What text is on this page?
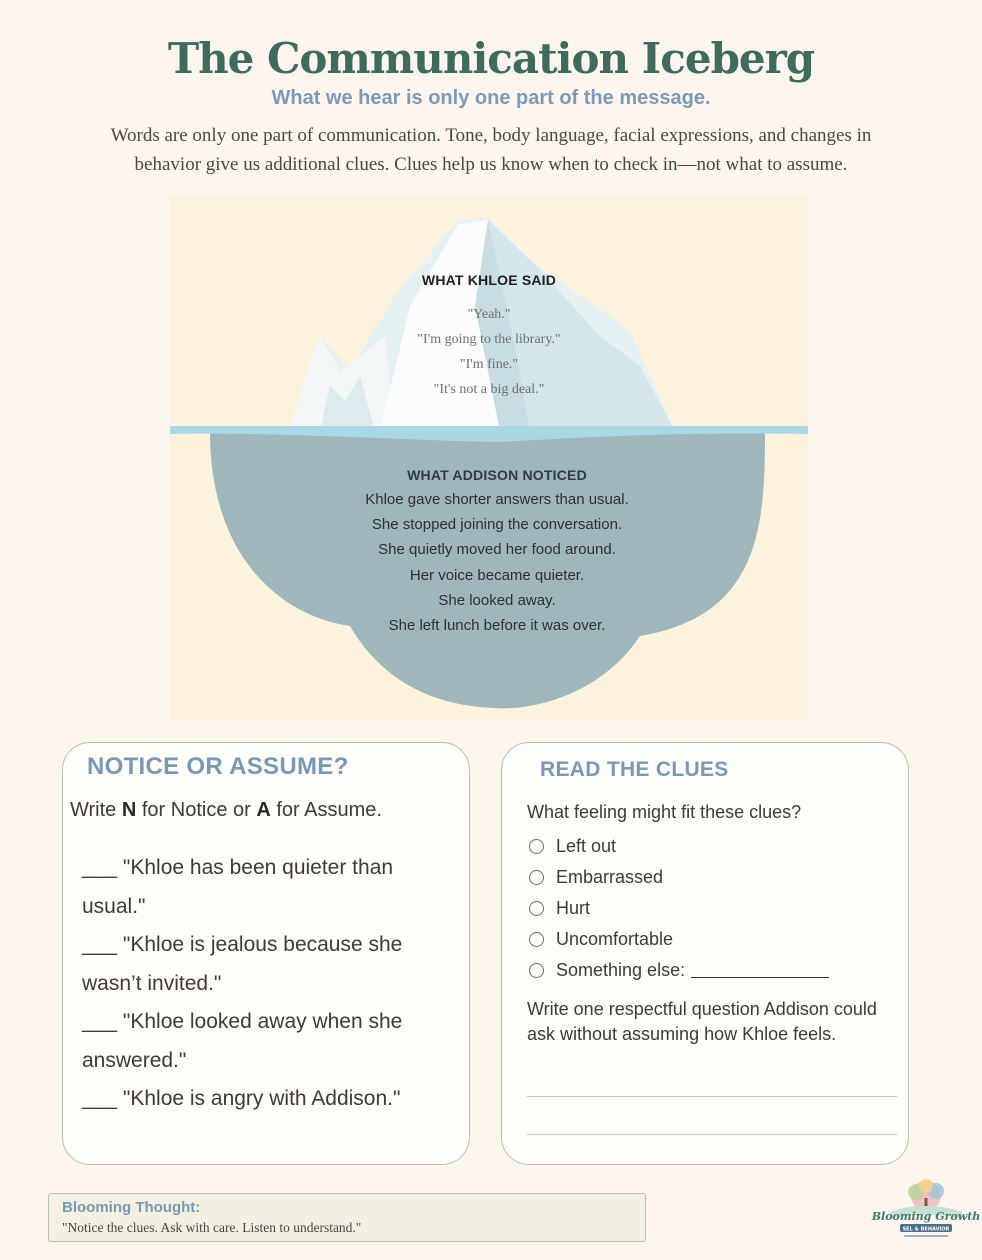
The Communication Iceberg
What we hear is only one part of the message.

Words are only one part of communication. Tone, body language, facial expressions, and changes in behavior give us additional clues. Clues help us know when to check in—not what to assume.

WHAT KHLOE SAID
"Yeah."
"I'm going to the library."
"I'm fine."
"It's not a big deal."
WHAT ADDISON NOTICED
Khloe gave shorter answers than usual.
She stopped joining the conversation.
She quietly moved her food around.
Her voice became quieter.
She looked away.
She left lunch before it was over.
NOTICE OR ASSUME?
Write N for Notice or A for Assume.

___ "Khloe has been quieter than usual."

___ "Khloe is jealous because she wasn’t invited."

___ "Khloe looked away when she answered."

___ "Khloe is angry with Addison."

READ THE CLUES
What feeling might fit these clues?
Left out
Embarrassed
Hurt
Uncomfortable
Something else:
Write one respectful question Addison could ask without assuming how Khloe feels.
Blooming Thought:
"Notice the clues. Ask with care. Listen to understand."
Blooming Growth
SEL & BEHAVIOR
